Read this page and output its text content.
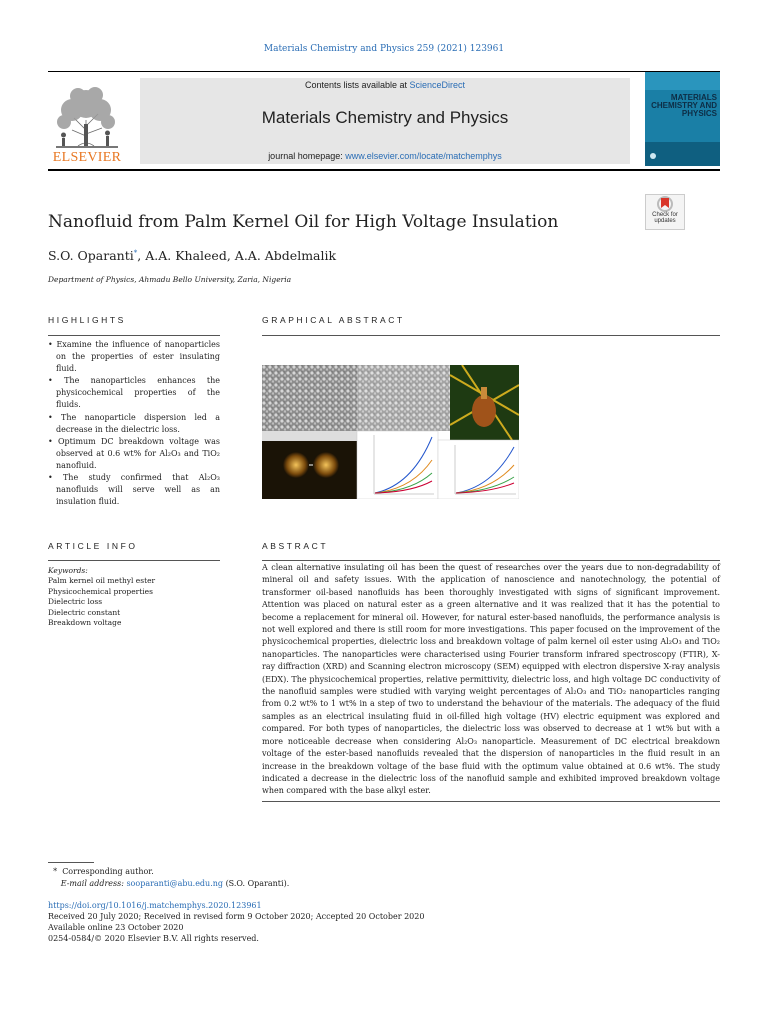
Materials Chemistry and Physics 259 (2021) 123961
ELSEVIER
Contents lists available at ScienceDirect
Materials Chemistry and Physics
journal homepage: www.elsevier.com/locate/matchemphys
MATERIALS CHEMISTRY AND PHYSICS
Check for updates
Nanofluid from Palm Kernel Oil for High Voltage Insulation
S.O. Oparanti*, A.A. Khaleed, A.A. Abdelmalik
Department of Physics, Ahmadu Bello University, Zaria, Nigeria
HIGHLIGHTS	GRAPHICAL ABSTRACT
• Examine the influence of nanoparticles on the properties of ester insulating fluid.
• The nanoparticles enhances the physicochemical properties of the fluids.
• The nanoparticle dispersion led a decrease in the dielectric loss.
• Optimum DC breakdown voltage was observed at 0.6 wt% for Al₂O₃ and TiO₂ nanofluid.
• The study confirmed that Al₂O₃ nanofluids will serve well as an insulation fluid.
ARTICLE INFO	ABSTRACT
Keywords:
Palm kernel oil methyl ester
Physicochemical properties
Dielectric loss
Dielectric constant
Breakdown voltage

A clean alternative insulating oil has been the quest of researches over the years due to non-degradability of mineral oil and safety issues. With the application of nanoscience and nanotechnology, the potential of transformer oil-based nanofluids has been thoroughly investigated with signs of significant improvement. Attention was placed on natural ester as a green alternative and it was realized that it has the potential to become a replacement for mineral oil. However, for natural ester-based nanofluids, the performance analysis is not well explored and there is still room for more investigations. This paper focused on the improvement of the physicochemical properties, dielectric loss and breakdown voltage of palm kernel oil ester using Al₂O₃ and TiO₂ nanoparticles. The nanoparticles were characterised using Fourier transform infrared spectroscopy (FTIR), X-ray diffraction (XRD) and Scanning electron microscopy (SEM) equipped with electron dispersive X-ray analysis (EDX). The physicochemical properties, relative permittivity, dielectric loss, and high voltage DC conductivity of the nanofluid samples were studied with varying weight percentages of Al₂O₃ and TiO₂ nanoparticles ranging from 0.2 wt% to 1 wt% in a step of two to understand the behaviour of the materials. The adequacy of the fluid samples as an electrical insulating fluid in oil-filled high voltage (HV) electric equipment was explored and compared. For both types of nanoparticles, the dielectric loss was observed to decrease at 1 wt% but with a more noticeable decrease when considering Al₂O₃ nanoparticle. Measurement of DC electrical breakdown voltage of the ester-based nanofluids revealed that the dispersion of nanoparticles in the fluid result in an increase in the breakdown voltage of the base fluid with the optimum value obtained at 0.6 wt%. The study indicated a decrease in the dielectric loss of the nanofluid sample and exhibited improved breakdown voltage when compared with the base alkyl ester.

* Corresponding author.
E-mail address: sooparanti@abu.edu.ng (S.O. Oparanti).
https://doi.org/10.1016/j.matchemphys.2020.123961
Received 20 July 2020; Received in revised form 9 October 2020; Accepted 20 October 2020
Available online 23 October 2020
0254-0584/© 2020 Elsevier B.V. All rights reserved.
